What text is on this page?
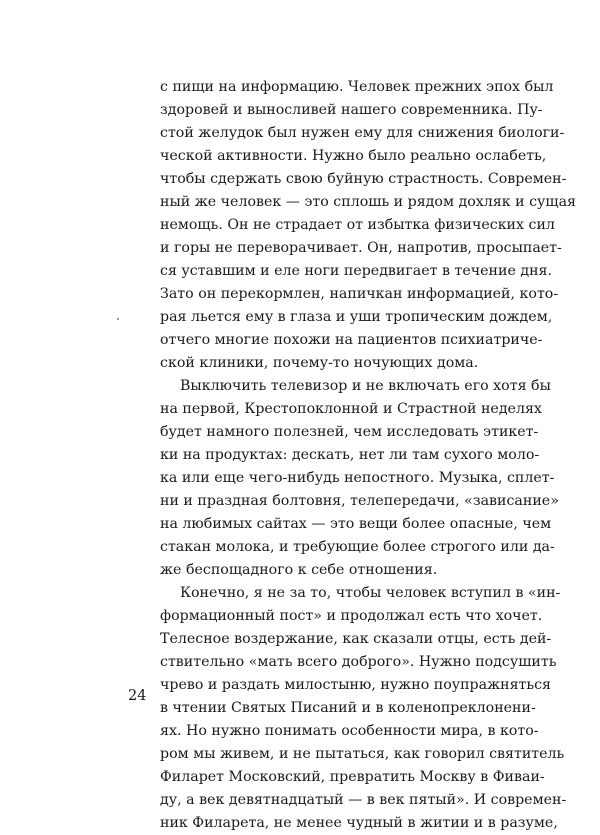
с пищи на информацию. Человек прежних эпох был
здоровей и выносливей нашего современника. Пу-
стой желудок был нужен ему для снижения биологи-
ческой активности. Нужно было реально ослабеть,
чтобы сдержать свою буйную страстность. Современ-
ный же человек — это сплошь и рядом дохляк и сущая
немощь. Он не страдает от избытка физических сил
и горы не переворачивает. Он, напротив, просыпает-
ся уставшим и еле ноги передвигает в течение дня.
Зато он перекормлен, напичкан информацией, кото-
рая льется ему в глаза и уши тропическим дождем,
отчего многие похожи на пациентов психиатриче-
ской клиники, почему-то ночующих дома.
Выключить телевизор и не включать его хотя бы
на первой, Крестопоклонной и Страстной неделях
будет намного полезней, чем исследовать этикет-
ки на продуктах: дескать, нет ли там сухого моло-
ка или еще чего-нибудь непостного. Музыка, сплет-
ни и праздная болтовня, телепередачи, «зависание»
на любимых сайтах — это вещи более опасные, чем
стакан молока, и требующие более строгого или да-
же беспощадного к себе отношения.
Конечно, я не за то, чтобы человек вступил в «ин-
формационный пост» и продолжал есть что хочет.
Телесное воздержание, как сказали отцы, есть дей-
ствительно «мать всего доброго». Нужно подсушить
чрево и раздать милостыню, нужно поупражняться
в чтении Святых Писаний и в коленопреклонени-
ях. Но нужно понимать особенности мира, в кото-
ром мы живем, и не пытаться, как говорил святитель
Филарет Московский, превратить Москву в Фиваи-
ду, а век девятнадцатый — в век пятый». И современ-
ник Филарета, не менее чудный в житии и в разуме,
24
